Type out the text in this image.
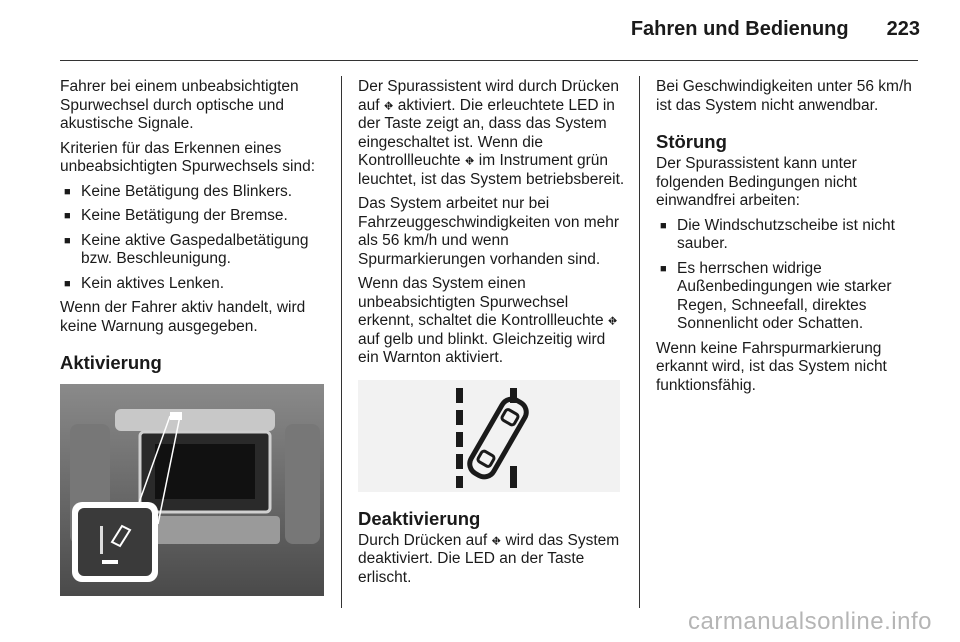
Fahren und Bedienung 223

Fahrer bei einem unbeabsichtigten Spurwechsel durch optische und akustische Signale.

Kriterien für das Erkennen eines unbeabsichtigten Spurwechsels sind:

■ Keine Betätigung des Blinkers.
■ Keine Betätigung der Bremse.
■ Keine aktive Gaspedalbetätigung bzw. Beschleunigung.
■ Kein aktives Lenken.

Wenn der Fahrer aktiv handelt, wird keine Warnung ausgegeben.

Aktivierung

Der Spurassistent wird durch Drücken auf ⛖ aktiviert. Die erleuchtete LED in der Taste zeigt an, dass das System eingeschaltet ist. Wenn die Kontrollleuchte ⛖ im Instrument grün leuchtet, ist das System betriebsbereit.

Das System arbeitet nur bei Fahrzeuggeschwindigkeiten von mehr als 56 km/h und wenn Spurmarkierungen vorhanden sind.

Wenn das System einen unbeabsichtigten Spurwechsel erkennt, schaltet die Kontrollleuchte ⛖ auf gelb und blinkt. Gleichzeitig wird ein Warnton aktiviert.

Deaktivierung

Durch Drücken auf ⛖ wird das System deaktiviert. Die LED an der Taste erlischt.

Bei Geschwindigkeiten unter 56 km/h ist das System nicht anwendbar.

Störung

Der Spurassistent kann unter folgenden Bedingungen nicht einwandfrei arbeiten:

■ Die Windschutzscheibe ist nicht sauber.
■ Es herrschen widrige Außenbedingungen wie starker Regen, Schneefall, direktes Sonnenlicht oder Schatten.

Wenn keine Fahrspurmarkierung erkannt wird, ist das System nicht funktionsfähig.

carmanualsonline.info
